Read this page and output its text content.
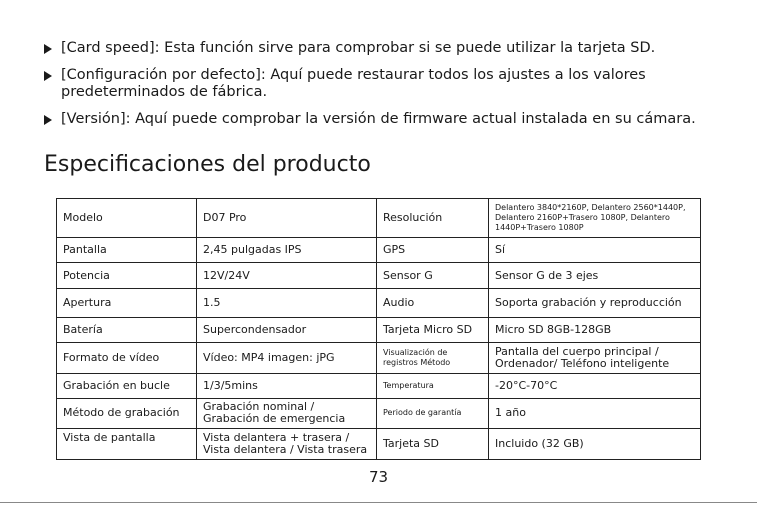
[Card speed]: Esta función sirve para comprobar si se puede utilizar la tarjeta SD.
[Configuración por defecto]: Aquí puede restaurar todos los ajustes a los valores predeterminados de fábrica.
[Versión]: Aquí puede comprobar la versión de firmware actual instalada en su cámara.
Especificaciones del producto
Modelo	D07 Pro	Resolución	Delantero 3840*2160P, Delantero 2560*1440P, Delantero 2160P+Trasero 1080P, Delantero 1440P+Trasero 1080P
Pantalla	2,45 pulgadas IPS	GPS	Sí
Potencia	12V/24V	Sensor G	Sensor G de 3 ejes
Apertura	1.5	Audio	Soporta grabación y reproducción
Batería	Supercondensador	Tarjeta Micro SD	Micro SD 8GB-128GB
Formato de vídeo	Vídeo: MP4 imagen: jPG	Visualización de registros Método	Pantalla del cuerpo principal / Ordenador/ Teléfono inteligente
Grabación en bucle	1/3/5mins	Temperatura	-20°C-70°C
Método de grabación	Grabación nominal / Grabación de emergencia	Periodo de garantía	1 año
Vista de pantalla	Vista delantera + trasera / Vista delantera / Vista trasera	Tarjeta SD	Incluido (32 GB)
73
